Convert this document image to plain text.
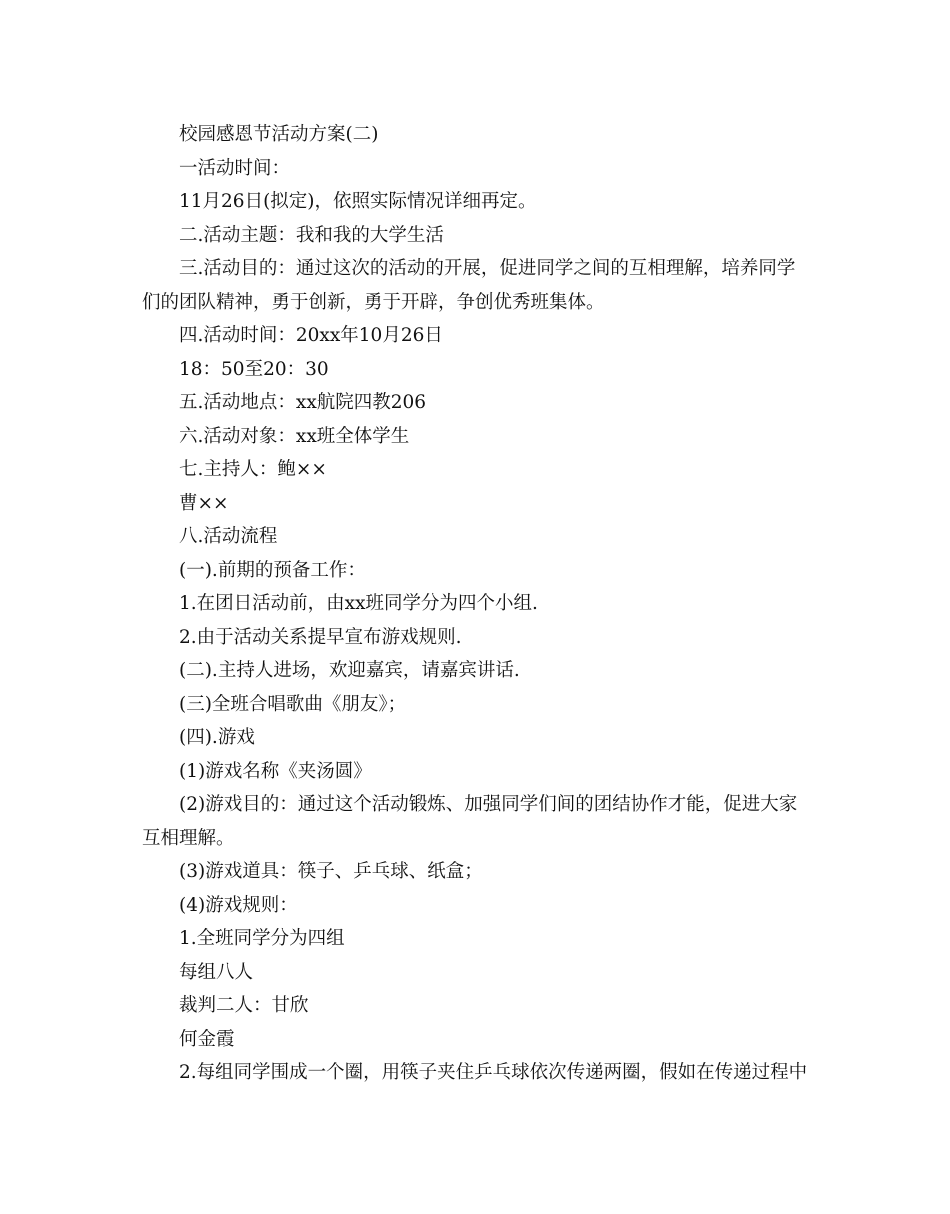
校园感恩节活动方案(二)
一活动时间：
11月26日(拟定)，依照实际情况详细再定。
二.活动主题：我和我的大学生活
三.活动目的：通过这次的活动的开展，促进同学之间的互相理解，培养同学
们的团队精神，勇于创新，勇于开辟，争创优秀班集体。
四.活动时间：20xx年10月26日
18：50至20：30
五.活动地点：xx航院四教206
六.活动对象：xx班全体学生
七.主持人：鲍××
曹××
八.活动流程
(一).前期的预备工作：
1.在团日活动前，由xx班同学分为四个小组.
2.由于活动关系提早宣布游戏规则.
(二).主持人进场，欢迎嘉宾，请嘉宾讲话.
(三)全班合唱歌曲《朋友》；
(四).游戏
(1)游戏名称《夹汤圆》
(2)游戏目的：通过这个活动锻炼、加强同学们间的团结协作才能，促进大家
互相理解。
(3)游戏道具：筷子、乒乓球、纸盒；
(4)游戏规则：
1.全班同学分为四组
每组八人
裁判二人：甘欣
何金霞
2.每组同学围成一个圈，用筷子夹住乒乓球依次传递两圈，假如在传递过程中
